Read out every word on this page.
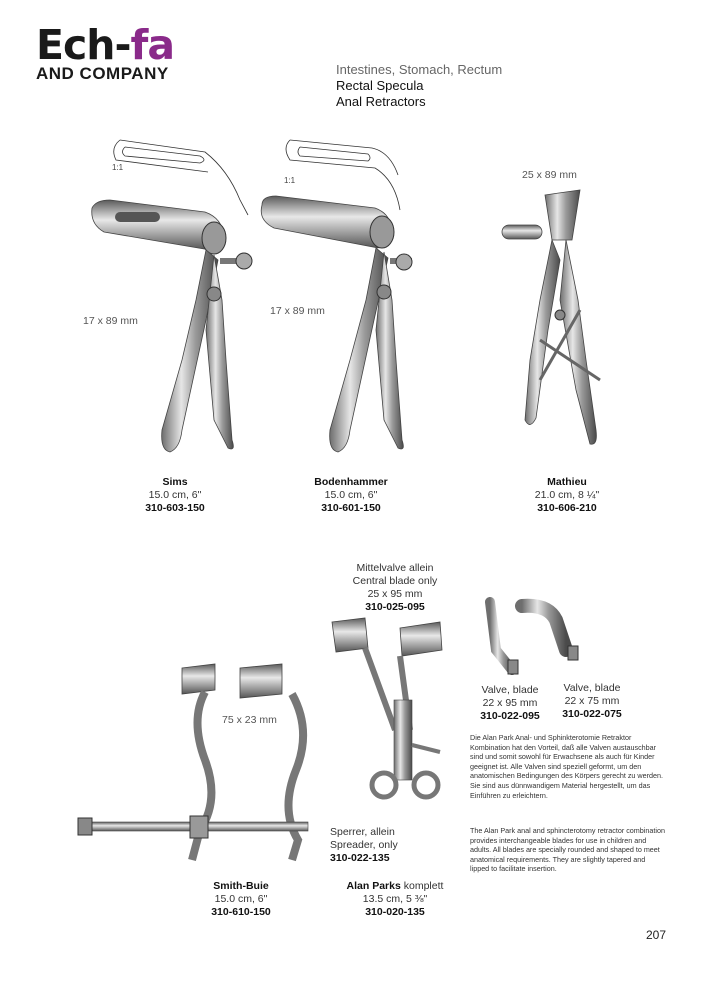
Ech-fa
AND COMPANY	Intestines, Stomach, Rectum
Rectal Specula
Anal Retractors
1:1
1:1
17 x 89 mm
17 x 89 mm
25 x 89 mm
75 x 23 mm
Sims
15.0 cm, 6"
310-603-150
Bodenhammer
15.0 cm, 6"
310-601-150
Mathieu
21.0 cm, 8 ¼"
310-606-210
Mittelvalve allein
Central blade only
25 x 95 mm
310-025-095
Valve, blade
22 x 95 mm
310-022-095
Valve, blade
22 x 75 mm
310-022-075
Die Alan Park Anal- und Sphinkterotomie Retraktor Kombination hat den Vorteil, daß alle Valven austauschbar sind und somit sowohl für Erwachsene als auch für Kinder geeignet ist. Alle Valven sind speziell geformt, um den anatomischen Bedingungen des Körpers gerecht zu werden. Sie sind aus dünnwandigem Material hergestellt, um das Einführen zu erleichtern.
The Alan Park anal and sphincterotomy retractor combination provides interchangeable blades for use in children and adults. All blades are specially rounded and shaped to meet anatomical requirements. They are slightly tapered and lipped to facilitate insertion.
Sperrer, allein
Spreader, only
310-022-135
Smith-Buie
15.0 cm, 6"
310-610-150
Alan Parks komplett
13.5 cm, 5 ⅜"
310-020-135
207
